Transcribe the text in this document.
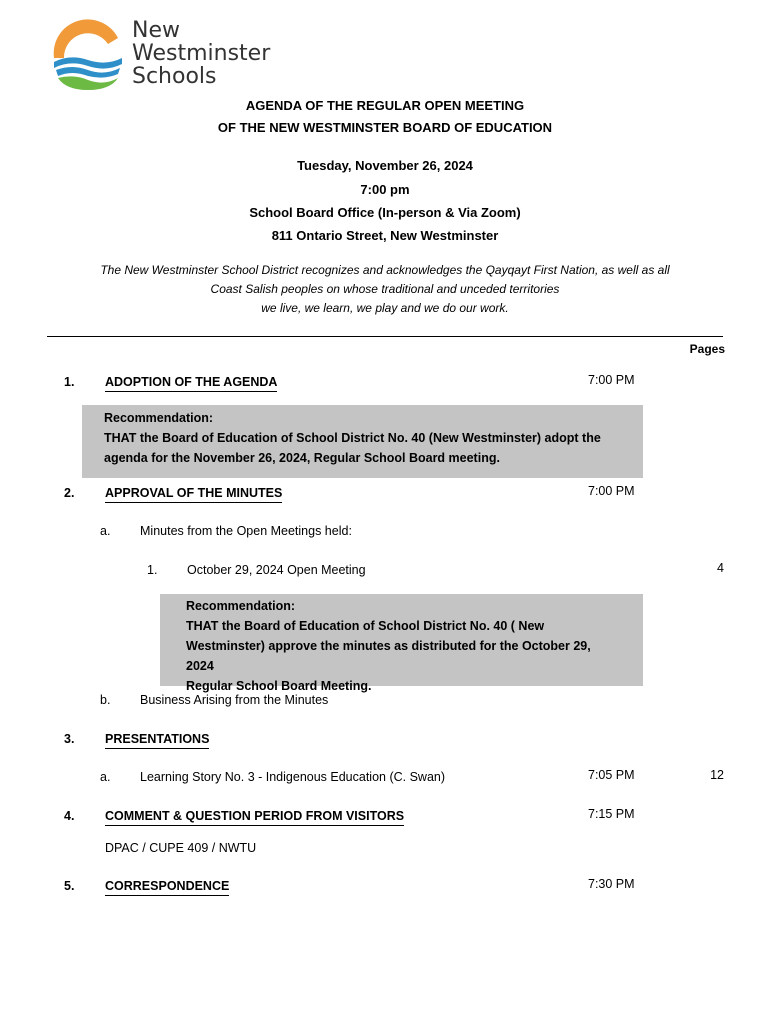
New
Westminster
Schools
AGENDA OF THE REGULAR OPEN MEETING
OF THE NEW WESTMINSTER BOARD OF EDUCATION
Tuesday, November 26, 2024
7:00 pm
School Board Office (In-person & Via Zoom)
811 Ontario Street, New Westminster
The New Westminster School District recognizes and acknowledges the Qayqayt First Nation, as well as all
Coast Salish peoples on whose traditional and unceded territories
we live, we learn, we play and we do our work.
Pages
1. ADOPTION OF THE AGENDA	7:00 PM
Recommendation:
THAT the Board of Education of School District No. 40 (New Westminster) adopt the
agenda for the November 26, 2024, Regular School Board meeting.
2. APPROVAL OF THE MINUTES	7:00 PM
a. Minutes from the Open Meetings held:
1. October 29, 2024 Open Meeting	4
Recommendation:
THAT the Board of Education of School District No. 40 ( New
Westminster) approve the minutes as distributed for the October 29, 2024
Regular School Board Meeting.
b. Business Arising from the Minutes
3. PRESENTATIONS
a. Learning Story No. 3 - Indigenous Education (C. Swan)	7:05 PM	12
4. COMMENT & QUESTION PERIOD FROM VISITORS	7:15 PM
DPAC / CUPE 409 / NWTU
5. CORRESPONDENCE	7:30 PM
